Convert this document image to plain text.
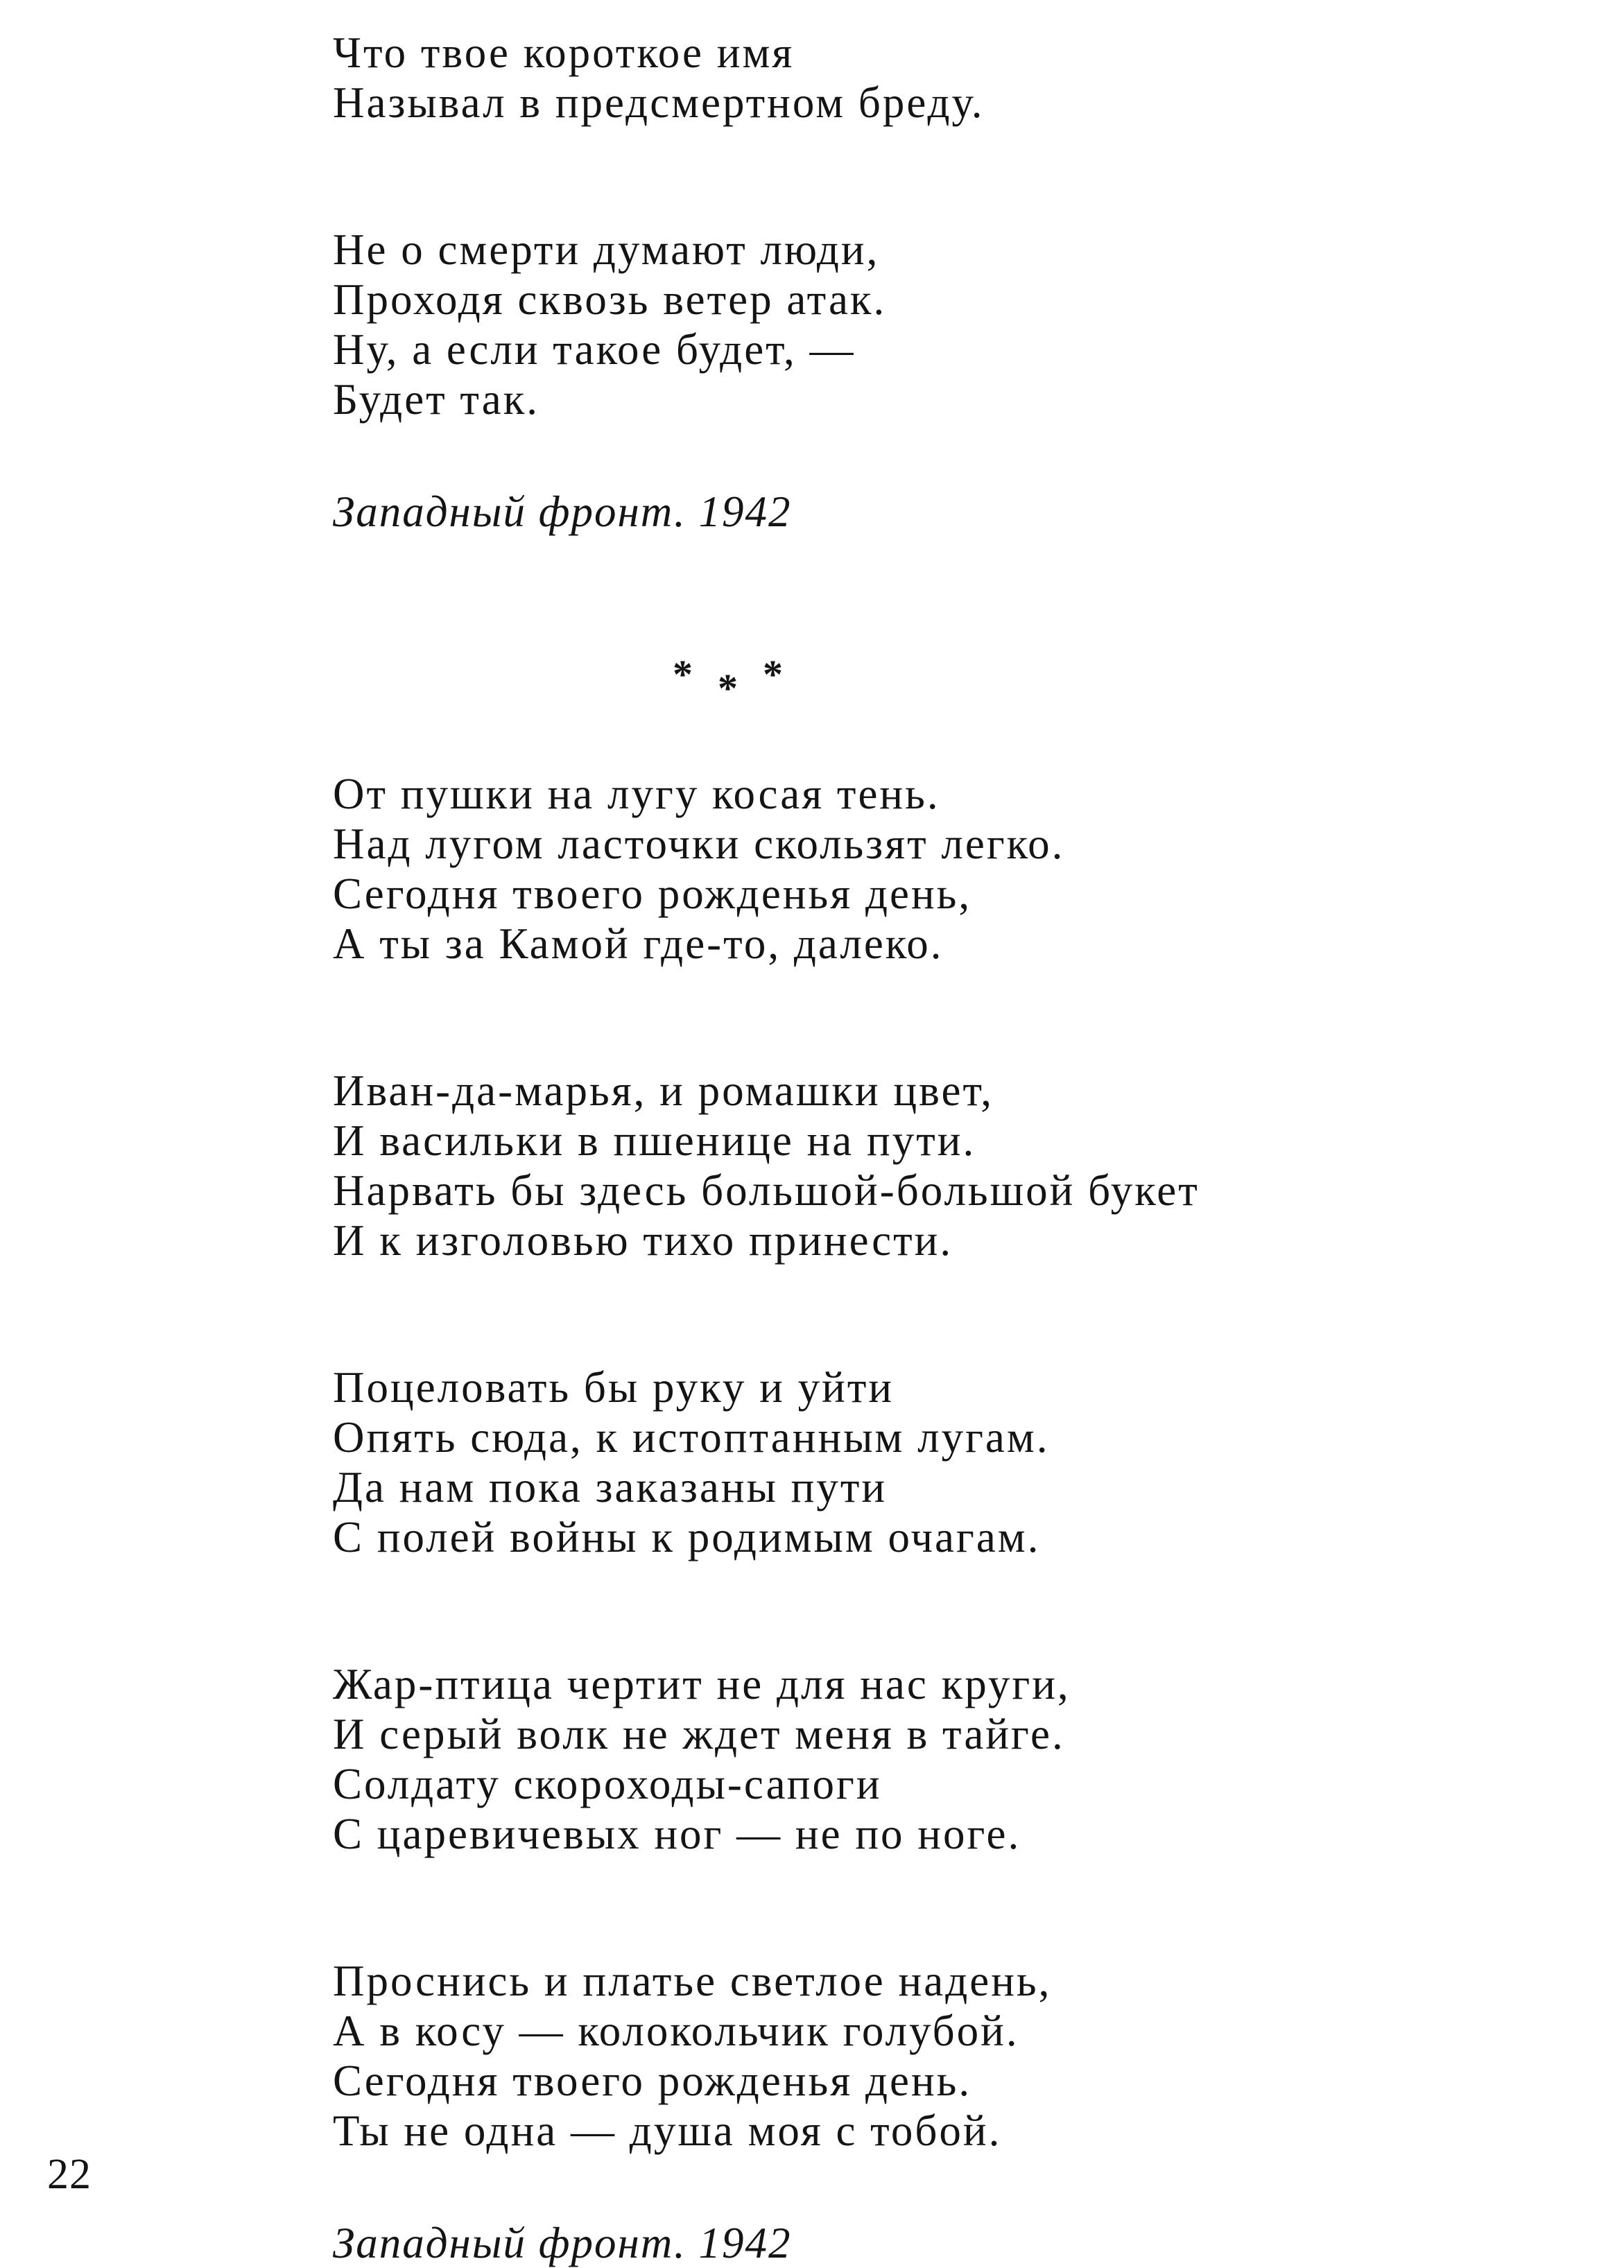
Что твое короткое имя
Называл в предсмертном бреду.
Не о смерти думают люди,
Проходя сквозь ветер атак.
Ну, а если такое будет, —
Будет так.
Западный фронт. 1942
* * *
От пушки на лугу косая тень.
Над лугом ласточки скользят легко.
Сегодня твоего рожденья день,
А ты за Камой где-то, далеко.
Иван-да-марья, и ромашки цвет,
И васильки в пшенице на пути.
Нарвать бы здесь большой-большой букет
И к изголовью тихо принести.
Поцеловать бы руку и уйти
Опять сюда, к истоптанным лугам.
Да нам пока заказаны пути
С полей войны к родимым очагам.
Жар-птица чертит не для нас круги,
И серый волк не ждет меня в тайге.
Солдату скороходы-сапоги
С царевичевых ног — не по ноге.
Проснись и платье светлое надень,
А в косу — колокольчик голубой.
Сегодня твоего рожденья день.
Ты не одна — душа моя с тобой.
Западный фронт. 1942
22
